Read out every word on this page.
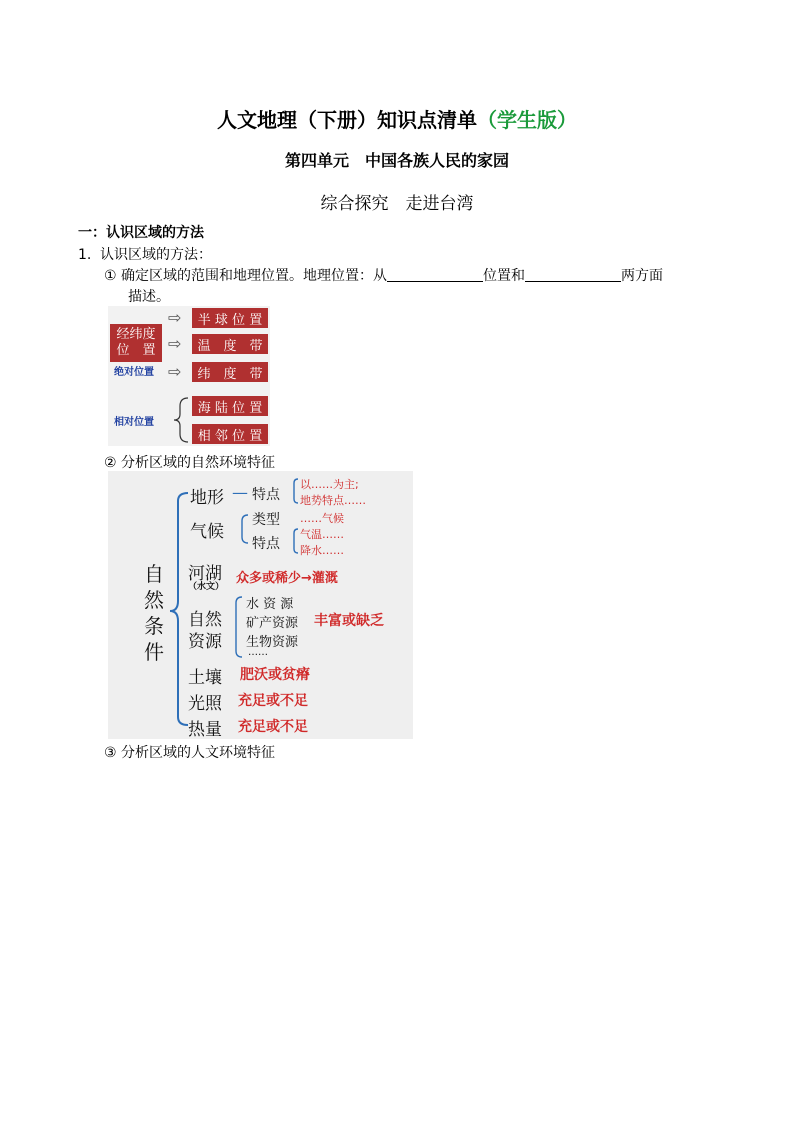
人文地理（下册）知识点清单（学生版）
第四单元　中国各族人民的家园
综合探究　走进台湾
一：认识区域的方法
1. 认识区域的方法：
① 确定区域的范围和地理位置。地理位置：从	位置和	两方面
描述。
经纬度
位　置
绝对位置
相对位置
⇨
⇨
⇨
半 球 位 置
温　度　带
纬　度　带
海 陆 位 置
相 邻 位 置
② 分析区域的自然环境特征
自
然
条
件
地形 — 特点
以……为主;
地势特点……
气候
类型 ……气候
特点
气温……
降水……
河湖
（水文）
众多或稀少→灌溉
自然
资源
水 资 源
矿产资源
生物资源
……
丰富或缺乏
土壤 肥沃或贫瘠
光照 充足或不足
热量 充足或不足
③ 分析区域的人文环境特征
